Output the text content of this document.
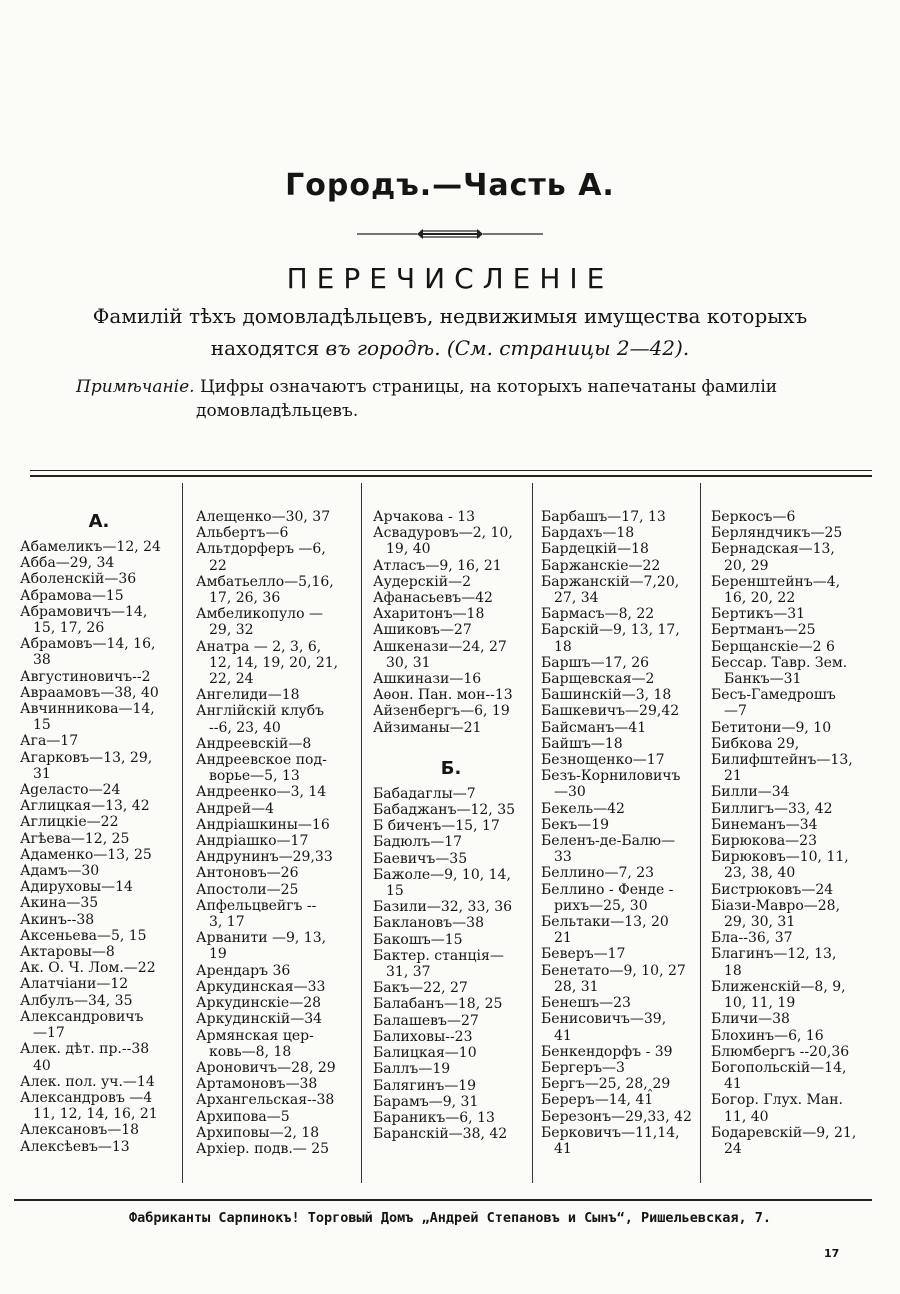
Городъ.—Часть А.
ПЕРЕЧИСЛЕНІЕ
Фамилій тѣхъ домовладѣльцевъ, недвижимыя имущества которыхъ
находятся въ городѣ. (См. страницы 2—42).
Примѣчаніе. Цифры означаютъ страницы, на которыхъ напечатаны фамиліи
домовладѣльцевъ.
А.
Абамеликъ—12, 24
Абба—29, 34
Аболенскій—36
Абрамова—15
Абрамовичъ—14,
15, 17, 26
Абрамовъ—14, 16,
38
Августиновичъ--2
Авраамовъ—38, 40
Авчинникова—14,
15
Ага—17
Агарковъ—13, 29,
31
Ageласто—24
Аглицкая—13, 42
Аглицкіе—22
Агѣева—12, 25
Адаменко—13, 25
Адамъ—30
Адируховы—14
Акина—35
Акинъ--38
Аксеньева—5, 15
Актаровы—8
Ак. О. Ч. Лом.—22
Алатчіани—12
Албулъ—34, 35
Александровичъ
—17
Алек. дѣт. пр.--38
40
Алек. пол. уч.—14
Александровъ —4
11, 12, 14, 16, 21
Алексановъ—18
Алексѣевъ—13
Алещенко—30, 37
Альбертъ—6
Альтдорферъ —6,
22
Амбатьелло—5,16,
17, 26, 36
Амбеликопуло —
29, 32
Анатра — 2, 3, 6,
12, 14, 19, 20, 21,
22, 24
Ангелиди—18
Англійскій клубъ
--6, 23, 40
Андреевскій—8
Андреевское под-
ворье—5, 13
Андреенко—3, 14
Андрей—4
Андріашкины—16
Андріашко—17
Андрунинъ—29,33
Антоновъ—26
Апостоли—25
Апфельцвейгъ --
3, 17
Арванити —9, 13,
19
Арендаръ 36
Аркудинская—33
Аркудинскіе—28
Аркудинскій—34
Армянская цер-
ковь—8, 18
Ароновичъ—28, 29
Артамоновъ—38
Архангельская--38
Архипова—5
Архиповы—2, 18
Архіер. подв.— 25
Арчакова - 13
Асвадуровъ—2, 10,
19, 40
Атласъ—9, 16, 21
Аудерскій—2
Афанасьевъ—42
Ахаритонъ—18
Ашиковъ—27
Ашкенази—24, 27
30, 31
Ашкинази—16
Аѳон. Пан. мон--13
Айзенбергъ—6, 19
Айзиманы—21
Б.
Бабадаглы—7
Бабаджанъ—12, 35
Б биченъ—15, 17
Бадюлъ—17
Баевичъ—35
Бажоле—9, 10, 14,
15
Базили—32, 33, 36
Баклановъ—38
Бакошъ—15
Бактер. станція—
31, 37
Бакъ—22, 27
Балабанъ—18, 25
Балашевъ—27
Балиховы--23
Балицкая—10
Баллъ—19
Балягинъ—19
Барамъ—9, 31
Бараникъ—6, 13
Баранскій—38, 42
Барбашъ—17, 13
Бардахъ—18
Бардецкій—18
Баржанскіе—22
Баржанскій—7,20,
27, 34
Бармасъ—8, 22
Барскій—9, 13, 17,
18
Баршъ—17, 26
Барщевская—2
Башинскій—3, 18
Башкевичъ—29,42
Байсманъ—41
Байшъ—18
Безнощенко—17
Безъ-Корниловичъ
—30
Бекель—42
Бекъ—19
Беленъ-де-Балю—
33
Беллино—7, 23
Беллино - Фенде -
рихъ—25, 30
Бельтаки—13, 20
21
Беверъ—17
Бенетато—9, 10, 27
28, 31
Бенешъ—23
Бенисовичъ—39,
41
Бенкендорфъ - 39
Бергеръ—3
Бергъ—25, 28,‸29
Береръ—14, 41
Березонъ—29,33, 42
Берковичъ—11,14,
41
Беркосъ—6
Берляндчикъ—25
Бернадская—13,
20, 29
Беренштейнъ—4,
16, 20, 22
Бертикъ—31
Бертманъ—25
Берщанскіе—2 6
Бессар. Тавр. Зем.
Банкъ—31
Бесъ-Гамедрошъ
—7
Бетитони—9, 10
Бибкова 29,
Билифштейнъ—13,
21
Билли—34
Биллигъ—33, 42
Бинеманъ—34
Бирюкова—23
Бирюковъ—10, 11,
23, 38, 40
Бистрюковъ—24
Біази-Мавро—28,
29, 30, 31
Бла--36, 37
Благинъ—12, 13,
18
Ближенскій—8, 9,
10, 11, 19
Бличи—38
Блохинъ—6, 16
Блюмбергъ --20,36
Богопольскій—14,
41
Богор. Глух. Ман.
11, 40
Бодаревскій—9, 21,
24
Фабриканты Сарпинокъ! Торговый Домъ „Андрей Степановъ и Сынъ“, Ришельевская, 7.
17
